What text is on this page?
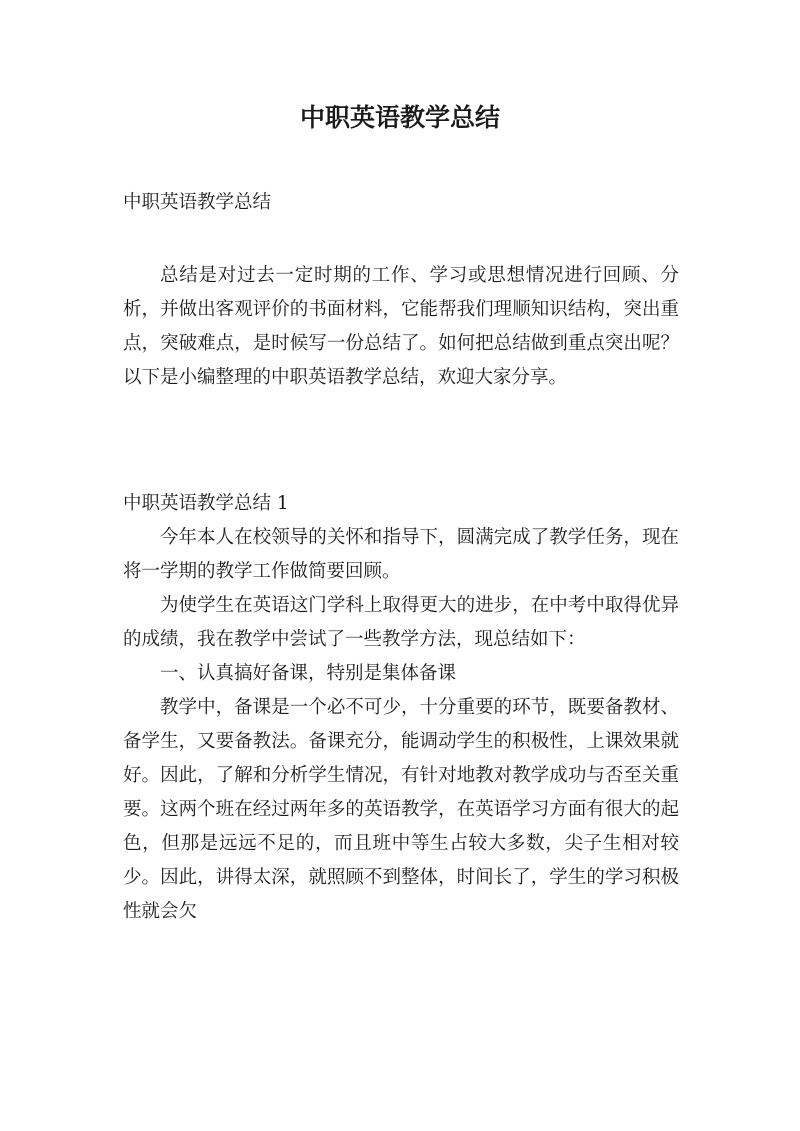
中职英语教学总结

中职英语教学总结

总结是对过去一定时期的工作、学习或思想情况进行回顾、分析，并做出客观评价的书面材料，它能帮我们理顺知识结构，突出重点，突破难点，是时候写一份总结了。如何把总结做到重点突出呢？以下是小编整理的中职英语教学总结，欢迎大家分享。

中职英语教学总结 1

今年本人在校领导的关怀和指导下，圆满完成了教学任务，现在将一学期的教学工作做简要回顾。

为使学生在英语这门学科上取得更大的进步，在中考中取得优异的成绩，我在教学中尝试了一些教学方法，现总结如下：

一、认真搞好备课，特别是集体备课

教学中，备课是一个必不可少，十分重要的环节，既要备教材、备学生，又要备教法。备课充分，能调动学生的积极性，上课效果就好。因此，了解和分析学生情况，有针对地教对教学成功与否至关重要。这两个班在经过两年多的英语教学，在英语学习方面有很大的起色，但那是远远不足的，而且班中等生占较大多数，尖子生相对较少。因此，讲得太深，就照顾不到整体，时间长了，学生的学习积极性就会欠
